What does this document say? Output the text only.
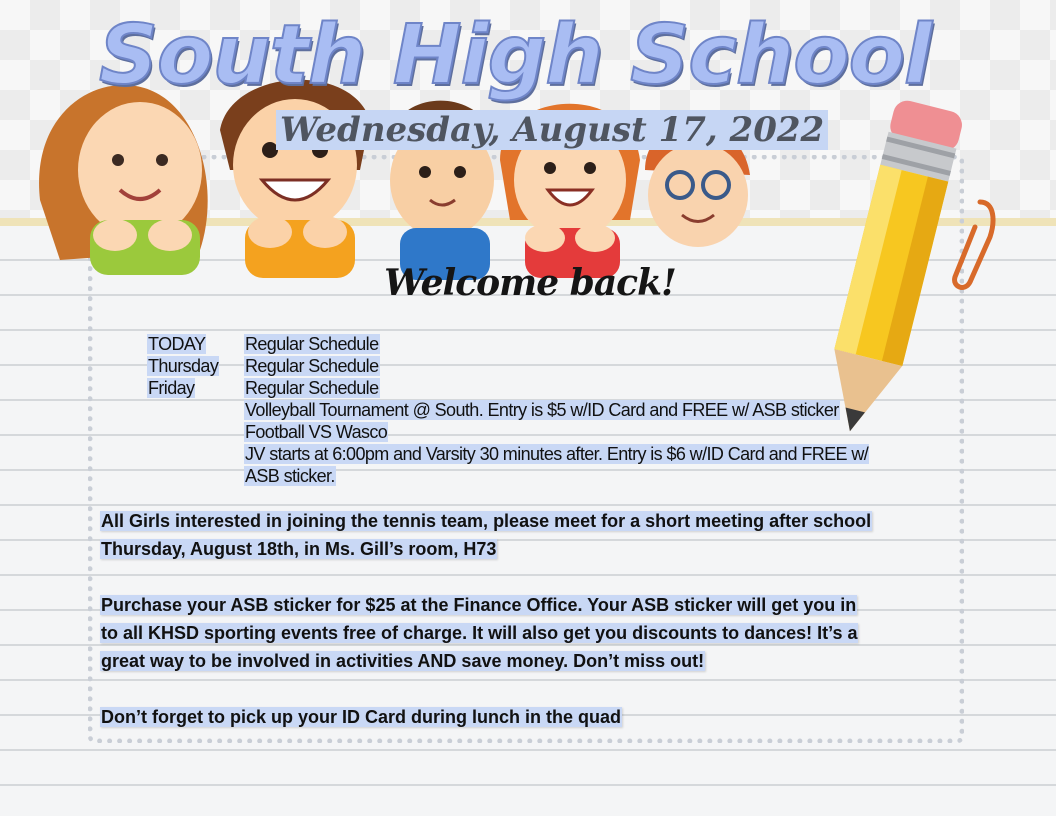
South High School
Wednesday, August 17, 2022
Welcome back!
TODAY Regular Schedule
Thursday Regular Schedule
Friday	Regular Schedule
Volleyball Tournament @ South. Entry is $5 w/ID Card and FREE w/ ASB sticker
Football VS Wasco
JV starts at 6:00pm and Varsity 30 minutes after. Entry is $6 w/ID Card and FREE w/
ASB sticker.
All Girls interested in joining the tennis team, please meet for a short meeting after school
Thursday, August 18th, in Ms. Gill’s room, H73
Purchase your ASB sticker for $25 at the Finance Office. Your ASB sticker will get you in
to all KHSD sporting events free of charge. It will also get you discounts to dances! It’s a
great way to be involved in activities AND save money. Don’t miss out!
Don’t forget to pick up your ID Card during lunch in the quad
